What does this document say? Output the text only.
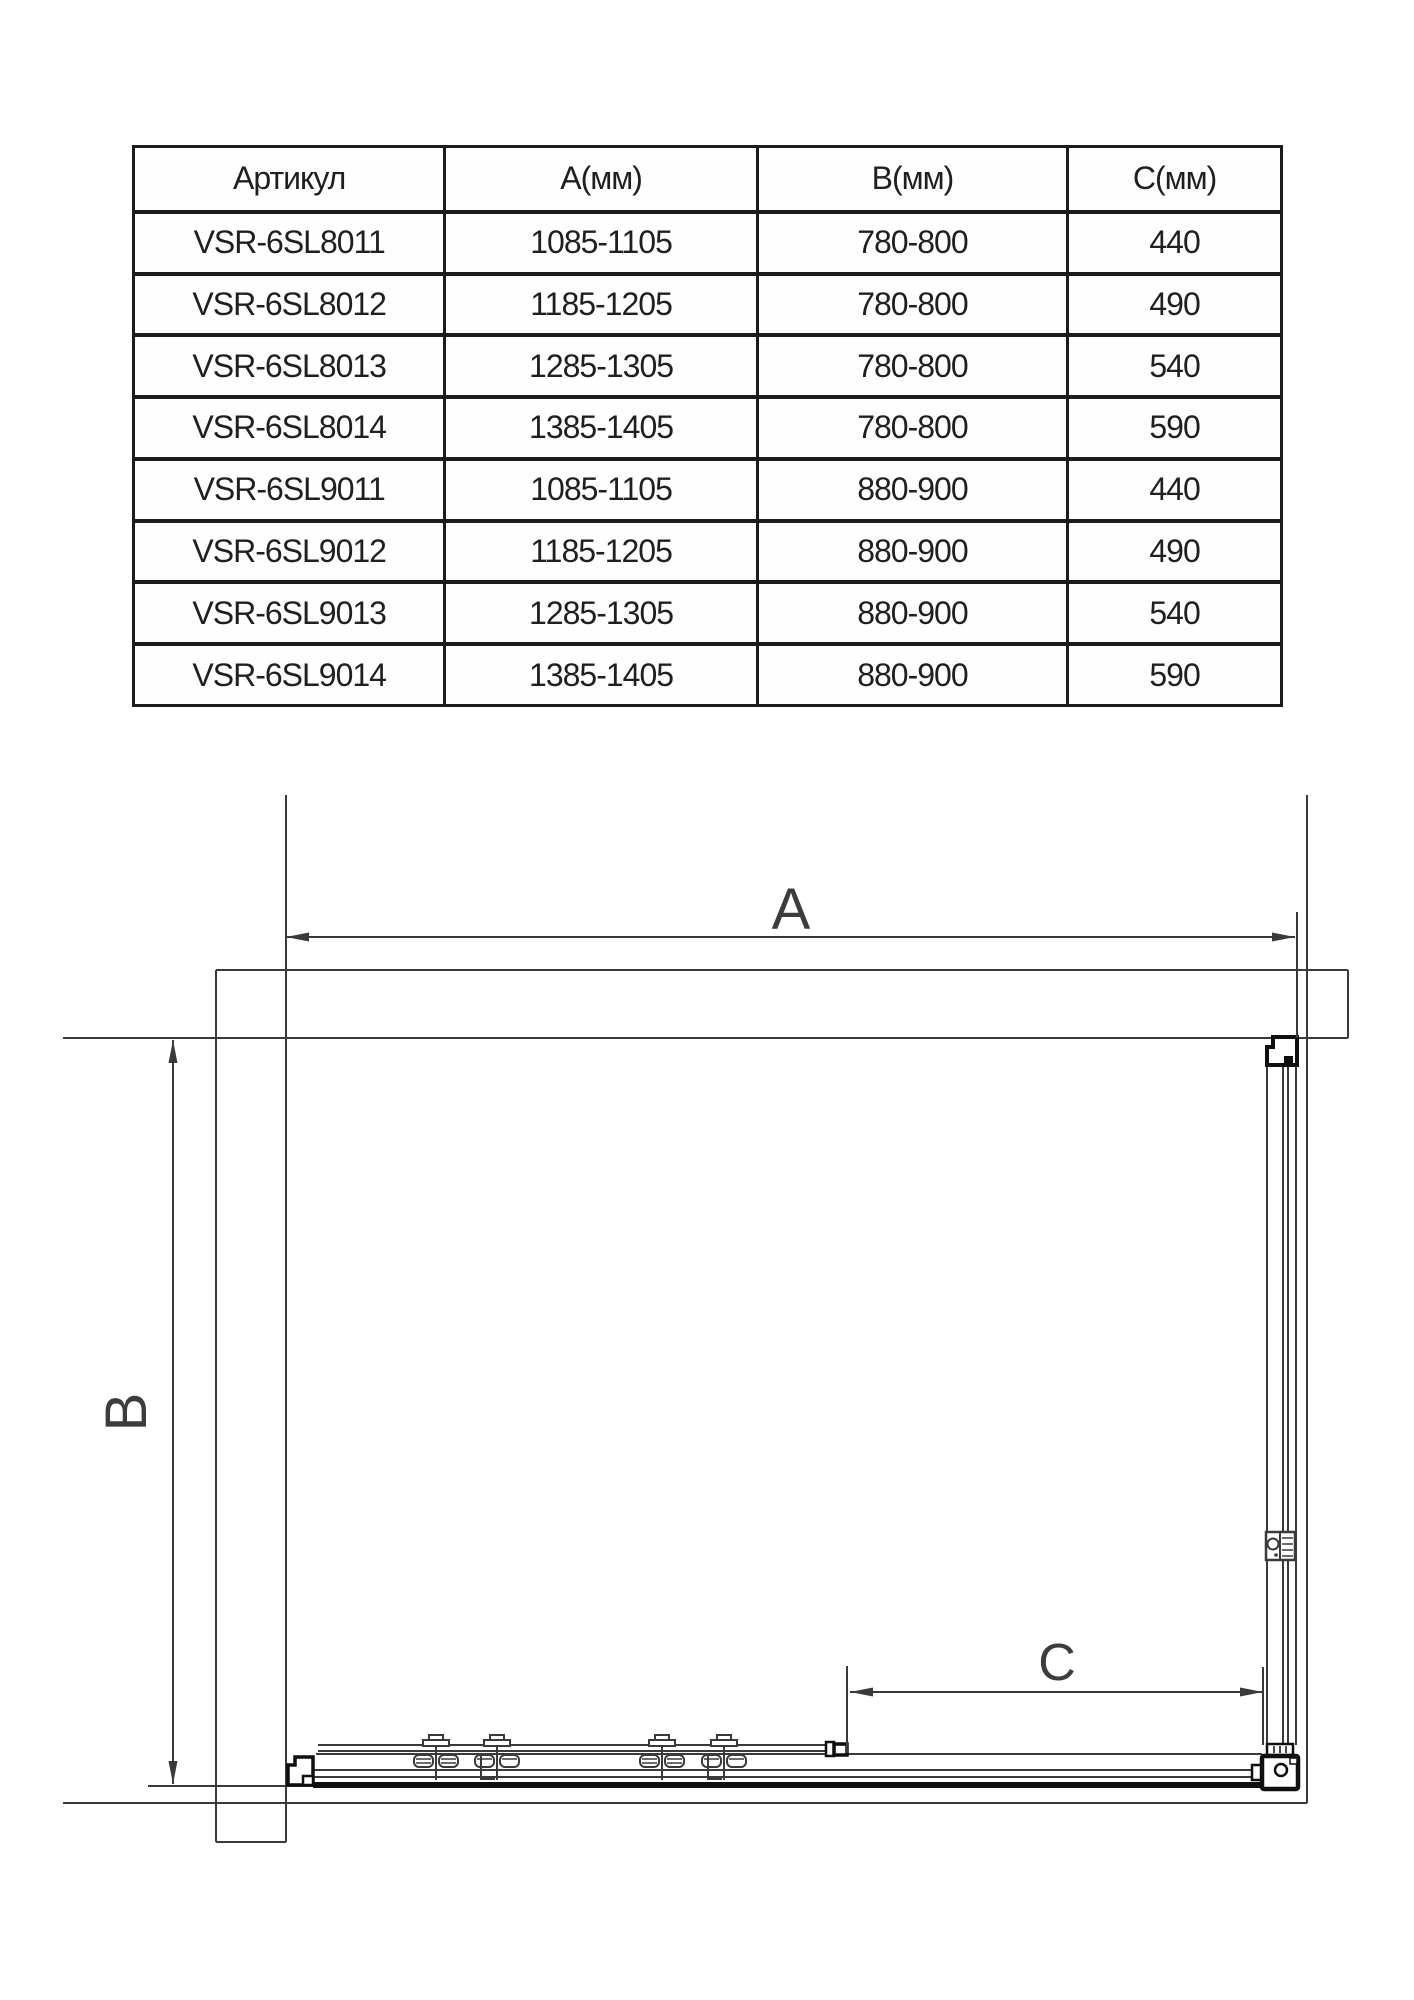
Артикул	A(мм)	B(мм)	C(мм)
VSR-6SL8011	1085-1105	780-800	440
VSR-6SL8012	1185-1205	780-800	490
VSR-6SL8013	1285-1305	780-800	540
VSR-6SL8014	1385-1405	780-800	590
VSR-6SL9011	1085-1105	880-900	440
VSR-6SL9012	1185-1205	880-900	490
VSR-6SL9013	1285-1305	880-900	540
VSR-6SL9014	1385-1405	880-900	590
A
B
C
